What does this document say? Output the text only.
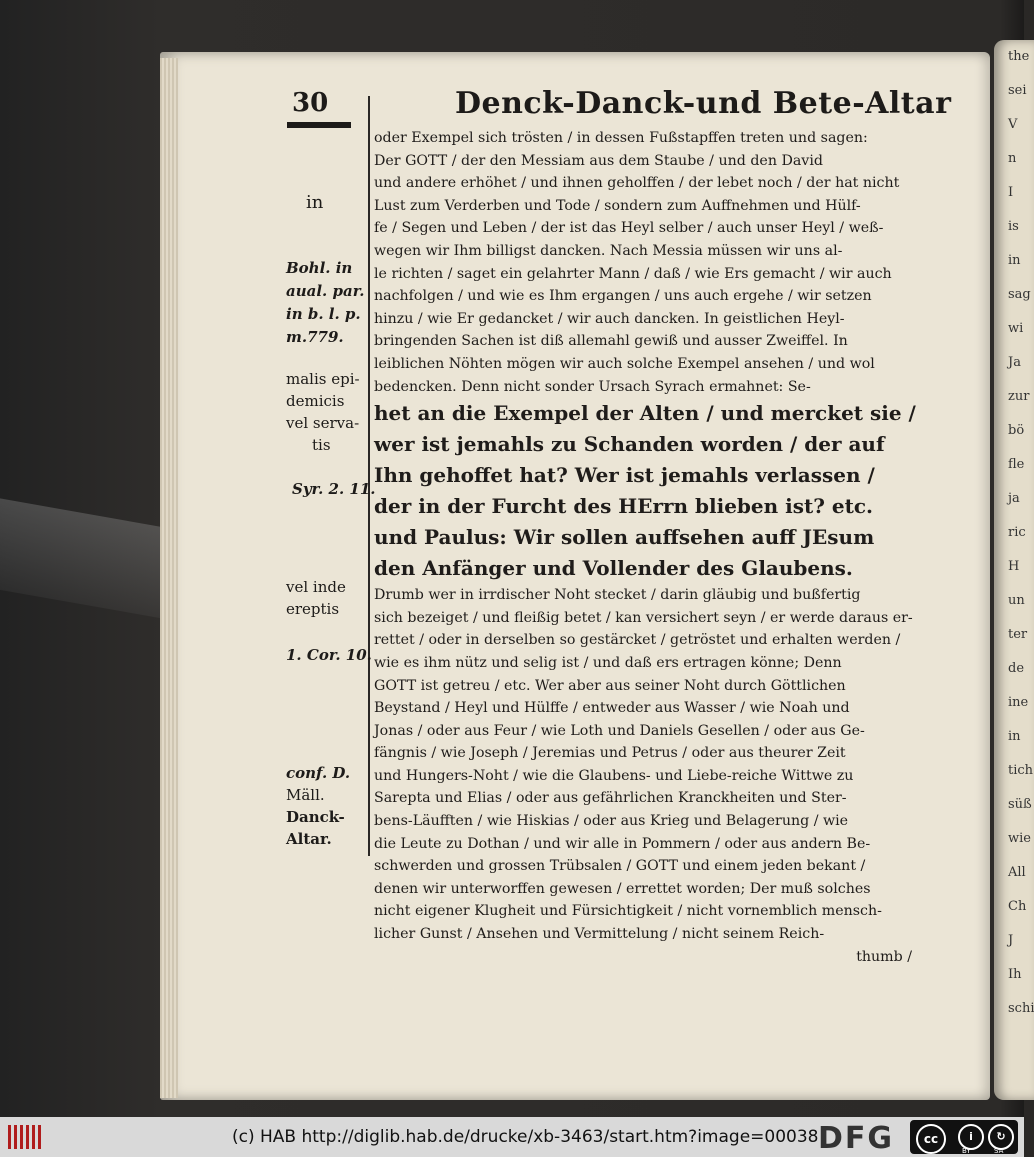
the
sei
V
n
I
is
in
sag
wi
Ja
zur
bö
fle
ja
ric
H
un
ter
de
ine
in
tich
süß
wie
All
Ch
J
Ih
schi
30	Denck-Danck-und Bete-Altar
in
Bohl. in
aual. par.
in b. l. p.
m.779.
malis epi-
demicis
vel serva-
tis
Syr. 2. 11.
vel inde
ereptis
1. Cor. 10.
conf. D.
Mäll.
Danck-
Altar.
oder Exempel sich trösten / in dessen Fußstapffen treten und sagen:
Der GOTT / der den Messiam aus dem Staube / und den David
und andere erhöhet / und ihnen geholffen / der lebet noch / der hat nicht
Lust zum Verderben und Tode / sondern zum Auffnehmen und Hülf-
fe / Segen und Leben / der ist das Heyl selber / auch unser Heyl / weß-
wegen wir Ihm billigst dancken. Nach Messia müssen wir uns al-
le richten / saget ein gelahrter Mann / daß / wie Ers gemacht / wir auch
nachfolgen / und wie es Ihm ergangen / uns auch ergehe / wir setzen
hinzu / wie Er gedancket / wir auch dancken. In geistlichen Heyl-
bringenden Sachen ist diß allemahl gewiß und ausser Zweiffel. In
leiblichen Nöhten mögen wir auch solche Exempel ansehen / und wol
bedencken. Denn nicht sonder Ursach Syrach ermahnet: Se-
het an die Exempel der Alten / und mercket sie /
wer ist jemahls zu Schanden worden / der auf
Ihn gehoffet hat? Wer ist jemahls verlassen /
der in der Furcht des HErrn blieben ist? etc.
und Paulus: Wir sollen auffsehen auff JEsum
den Anfänger und Vollender des Glaubens.
Drumb wer in irrdischer Noht stecket / darin gläubig und bußfertig
sich bezeiget / und fleißig betet / kan versichert seyn / er werde daraus er-
rettet / oder in derselben so gestärcket / getröstet und erhalten werden /
wie es ihm nütz und selig ist / und daß ers ertragen könne; Denn
GOTT ist getreu / etc. Wer aber aus seiner Noht durch Göttlichen
Beystand / Heyl und Hülffe / entweder aus Wasser / wie Noah und
Jonas / oder aus Feur / wie Loth und Daniels Gesellen / oder aus Ge-
fängnis / wie Joseph / Jeremias und Petrus / oder aus theurer Zeit
und Hungers-Noht / wie die Glaubens- und Liebe-reiche Wittwe zu
Sarepta und Elias / oder aus gefährlichen Kranckheiten und Ster-
bens-Läufften / wie Hiskias / oder aus Krieg und Belagerung / wie
die Leute zu Dothan / und wir alle in Pommern / oder aus andern Be-
schwerden und grossen Trübsalen / GOTT und einem jeden bekant /
denen wir unterworffen gewesen / errettet worden; Der muß solches
nicht eigener Klugheit und Fürsichtigkeit / nicht vornemblich mensch-
licher Gunst / Ansehen und Vermittelung / nicht seinem Reich-
thumb /
(c) HAB http://diglib.hab.de/drucke/xb-3463/start.htm?image=00038 DFG	cc	i	↻
BY	SA
